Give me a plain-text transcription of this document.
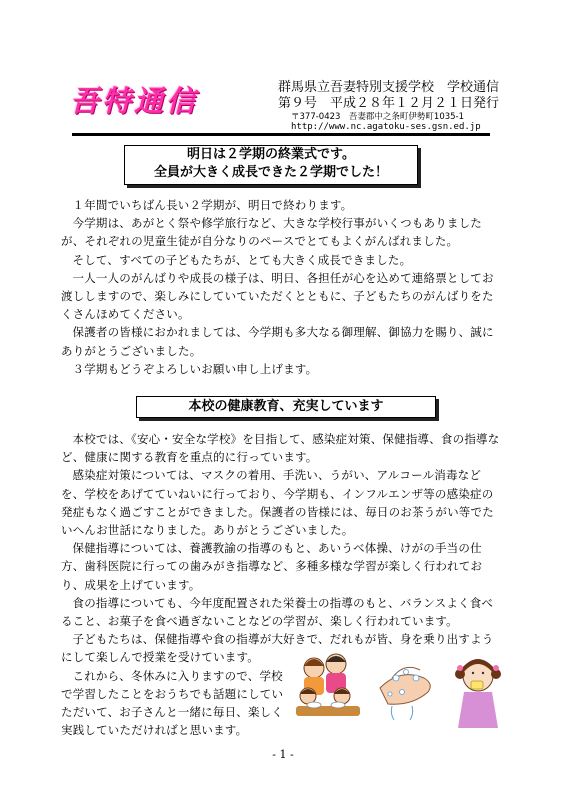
吾特通信	群馬県立吾妻特別支援学校　学校通信
第９号　平成２８年１２月２１日発行
〒377-0423　吾妻郡中之条町伊勢町1035-1
http://www.nc.agatoku-ses.gsn.ed.jp
明日は２学期の終業式です。
全員が大きく成長できた２学期でした！

１年間でいちばん長い２学期が、明日で終わります。

今学期は、あがとく祭や修学旅行など、大きな学校行事がいくつもありましたが、それぞれの児童生徒が自分なりのペースでとてもよくがんばれました。

そして、すべての子どもたちが、とても大きく成長できました。

一人一人のがんばりや成長の様子は、明日、各担任が心を込めて連絡票としてお渡ししますので、楽しみにしていていただくとともに、子どもたちのがんばりをたくさんほめてください。

保護者の皆様におかれましては、今学期も多大なる御理解、御協力を賜り、誠にありがとうございました。

３学期もどうぞよろしいお願い申し上げます。

本校の健康教育、充実しています

本校では、《安心・安全な学校》を目指して、感染症対策、保健指導、食の指導など、健康に関する教育を重点的に行っています。

感染症対策については、マスクの着用、手洗い、うがい、アルコール消毒などを、学校をあげてていねいに行っており、今学期も、インフルエンザ等の感染症の発症もなく過ごすことができました。保護者の皆様には、毎日のお茶うがい等でたいへんお世話になりました。ありがとうございました。

保健指導については、養護教諭の指導のもと、あいうべ体操、けがの手当の仕方、歯科医院に行っての歯みがき指導など、多種多様な学習が楽しく行われており、成果を上げています。

食の指導についても、今年度配置された栄養士の指導のもと、バランスよく食べること、お菓子を食べ過ぎないことなどの学習が、楽しく行われています。

子どもたちは、保健指導や食の指導が大好きで、だれもが皆、身を乗り出すようにして楽しんで授業を受けています。

これから、冬休みに入りますので、学校で学習したことをおうちでも話題にしていただいて、お子さんと一緒に毎日、楽しく実践していただければと思います。

- 1 -
